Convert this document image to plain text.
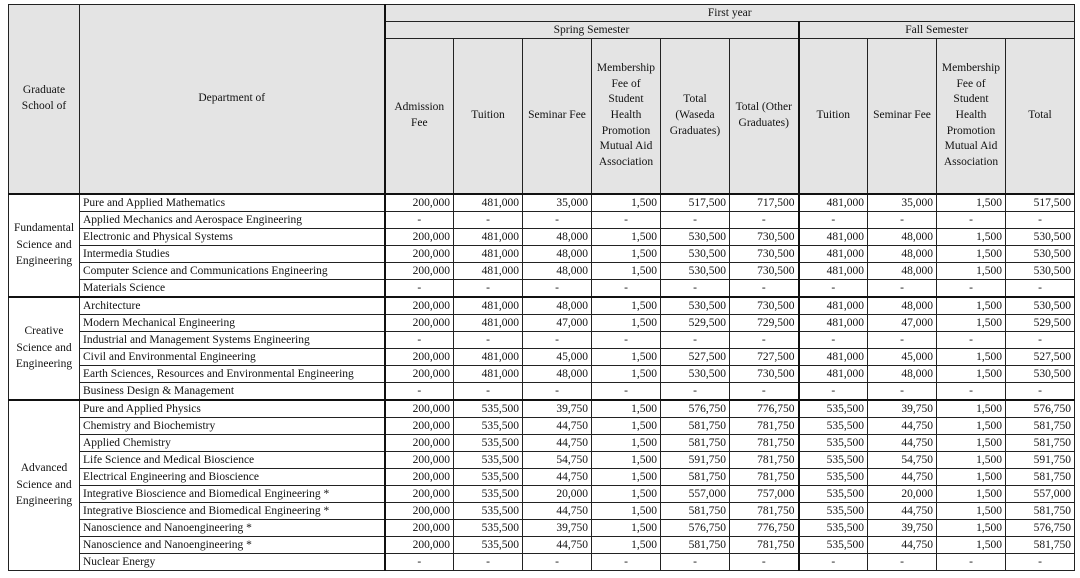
Graduate School of	Department of	First year									
		Spring Semester						Fall Semester			
		Admission Fee	Tuition	Seminar Fee	Membership Fee of Student Health Promotion Mutual Aid Association	Total (Waseda Graduates)	Total (Other Graduates)	Tuition	Seminar Fee	Membership Fee of Student Health Promotion Mutual Aid Association	Total
Fundamental Science and Engineering	Pure and Applied Mathematics	200,000	481,000	35,000	1,500	517,500	717,500	481,000	35,000	1,500	517,500
	Applied Mechanics and Aerospace Engineering	-	-	-	-	-	-	-	-	-	-
	Electronic and Physical Systems	200,000	481,000	48,000	1,500	530,500	730,500	481,000	48,000	1,500	530,500
	Intermedia Studies	200,000	481,000	48,000	1,500	530,500	730,500	481,000	48,000	1,500	530,500
	Computer Science and Communications Engineering	200,000	481,000	48,000	1,500	530,500	730,500	481,000	48,000	1,500	530,500
	Materials Science	-	-	-	-	-	-	-	-	-	-
Creative Science and Engineering	Architecture	200,000	481,000	48,000	1,500	530,500	730,500	481,000	48,000	1,500	530,500
	Modern Mechanical Engineering	200,000	481,000	47,000	1,500	529,500	729,500	481,000	47,000	1,500	529,500
	Industrial and Management Systems Engineering	-	-	-	-	-	-	-	-	-	-
	Civil and Environmental Engineering	200,000	481,000	45,000	1,500	527,500	727,500	481,000	45,000	1,500	527,500
	Earth Sciences, Resources and Environmental Engineering	200,000	481,000	48,000	1,500	530,500	730,500	481,000	48,000	1,500	530,500
	Business Design & Management	-	-	-	-	-	-	-	-	-	-
Advanced Science and Engineering	Pure and Applied Physics	200,000	535,500	39,750	1,500	576,750	776,750	535,500	39,750	1,500	576,750
	Chemistry and Biochemistry	200,000	535,500	44,750	1,500	581,750	781,750	535,500	44,750	1,500	581,750
	Applied Chemistry	200,000	535,500	44,750	1,500	581,750	781,750	535,500	44,750	1,500	581,750
	Life Science and Medical Bioscience	200,000	535,500	54,750	1,500	591,750	781,750	535,500	54,750	1,500	591,750
	Electrical Engineering and Bioscience	200,000	535,500	44,750	1,500	581,750	781,750	535,500	44,750	1,500	581,750
	Integrative Bioscience and Biomedical Engineering *	200,000	535,500	20,000	1,500	557,000	757,000	535,500	20,000	1,500	557,000
	Integrative Bioscience and Biomedical Engineering *	200,000	535,500	44,750	1,500	581,750	781,750	535,500	44,750	1,500	581,750
	Nanoscience and Nanoengineering *	200,000	535,500	39,750	1,500	576,750	776,750	535,500	39,750	1,500	576,750
	Nanoscience and Nanoengineering *	200,000	535,500	44,750	1,500	581,750	781,750	535,500	44,750	1,500	581,750
	Nuclear Energy	-	-	-	-	-	-	-	-	-	-
